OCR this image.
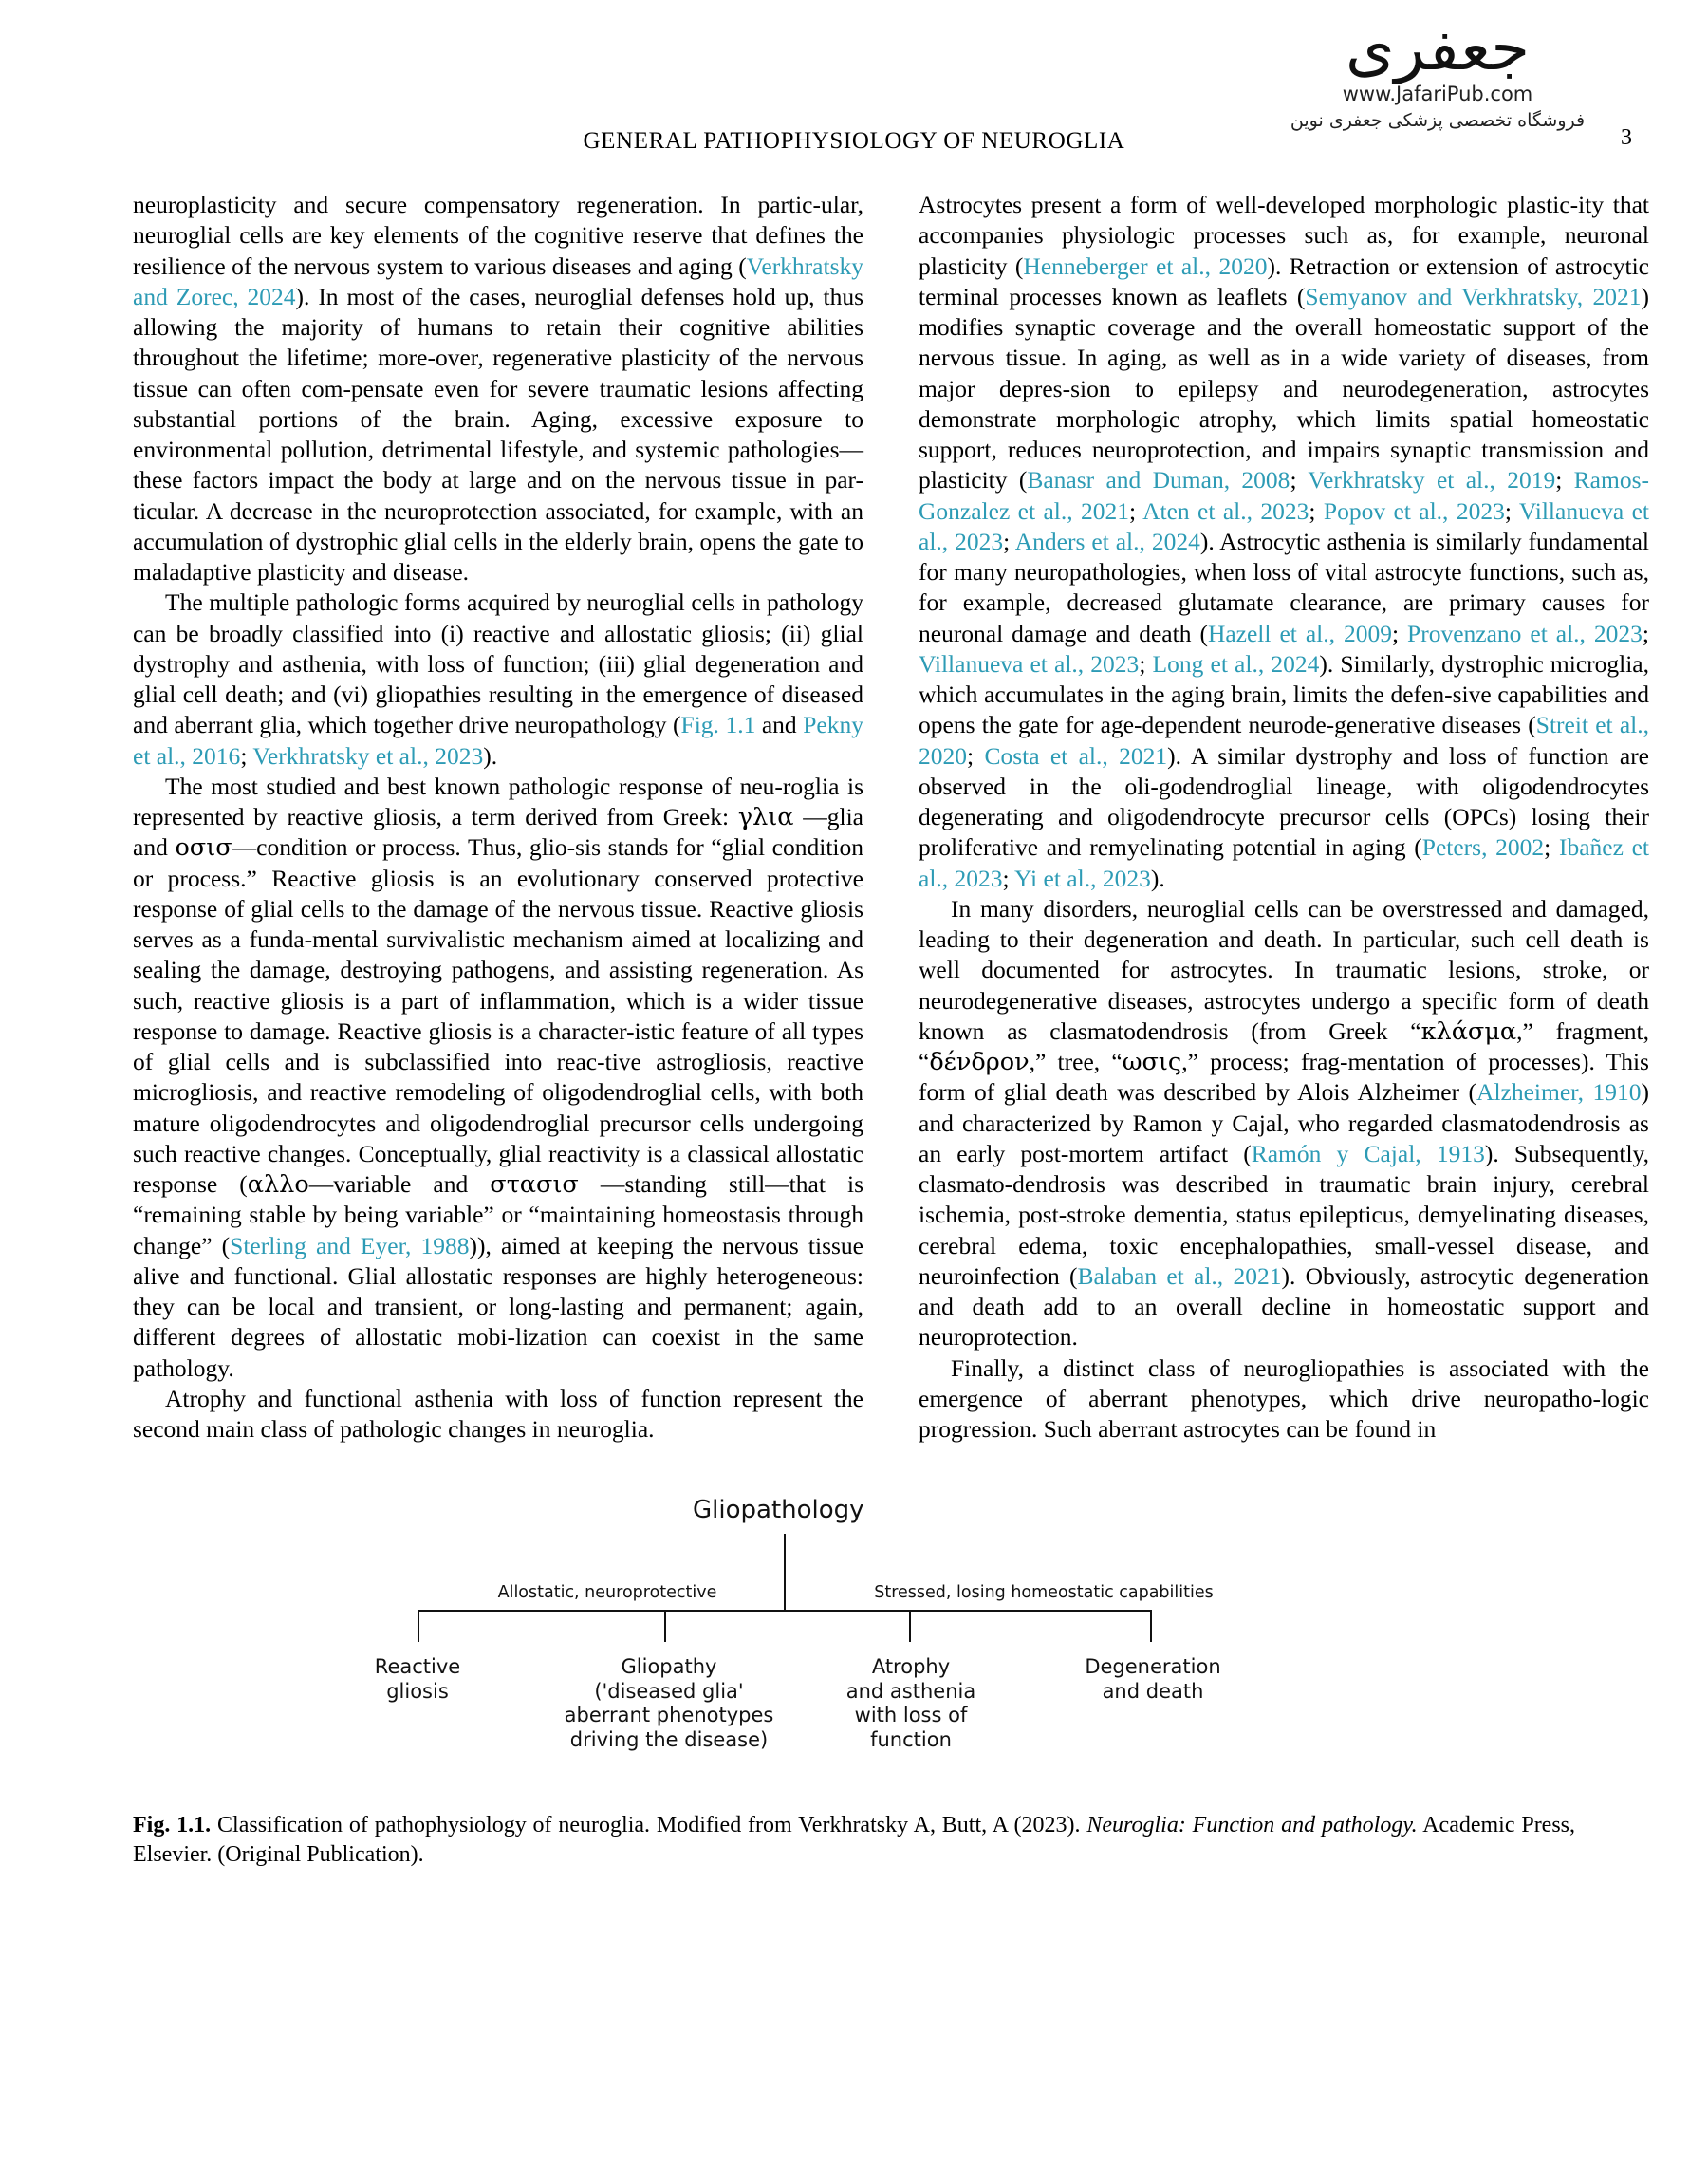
GENERAL PATHOPHYSIOLOGY OF NEUROGLIA	3
جعفری
www.JafariPub.com
فروشگاه تخصصی پزشکی جعفری نوین

neuroplasticity and secure compensatory regeneration. In partic-ular, neuroglial cells are key elements of the cognitive reserve that defines the resilience of the nervous system to various diseases and aging (Verkhratsky and Zorec, 2024). In most of the cases, neuroglial defenses hold up, thus allowing the majority of humans to retain their cognitive abilities throughout the lifetime; more-over, regenerative plasticity of the nervous tissue can often com-pensate even for severe traumatic lesions affecting substantial portions of the brain. Aging, excessive exposure to environmental pollution, detrimental lifestyle, and systemic pathologies—these factors impact the body at large and on the nervous tissue in par-ticular. A decrease in the neuroprotection associated, for example, with an accumulation of dystrophic glial cells in the elderly brain, opens the gate to maladaptive plasticity and disease.

The multiple pathologic forms acquired by neuroglial cells in pathology can be broadly classified into (i) reactive and allostatic gliosis; (ii) glial dystrophy and asthenia, with loss of function; (iii) glial degeneration and glial cell death; and (vi) gliopathies resulting in the emergence of diseased and aberrant glia, which together drive neuropathology (Fig. 1.1 and Pekny et al., 2016; Verkhratsky et al., 2023).

The most studied and best known pathologic response of neu-roglia is represented by reactive gliosis, a term derived from Greek: γλια —glia and οσισ—condition or process. Thus, glio-sis stands for “glial condition or process.” Reactive gliosis is an evolutionary conserved protective response of glial cells to the damage of the nervous tissue. Reactive gliosis serves as a funda-mental survivalistic mechanism aimed at localizing and sealing the damage, destroying pathogens, and assisting regeneration. As such, reactive gliosis is a part of inflammation, which is a wider tissue response to damage. Reactive gliosis is a character-istic feature of all types of glial cells and is subclassified into reac-tive astrogliosis, reactive microgliosis, and reactive remodeling of oligodendroglial cells, with both mature oligodendrocytes and oligodendroglial precursor cells undergoing such reactive changes. Conceptually, glial reactivity is a classical allostatic response (αλλο—variable and στασισ —standing still—that is “remaining stable by being variable” or “maintaining homeostasis through change” (Sterling and Eyer, 1988)), aimed at keeping the nervous tissue alive and functional. Glial allostatic responses are highly heterogeneous: they can be local and transient, or long-lasting and permanent; again, different degrees of allostatic mobi-lization can coexist in the same pathology.

Atrophy and functional asthenia with loss of function represent the second main class of pathologic changes in neuroglia.

Astrocytes present a form of well-developed morphologic plastic-ity that accompanies physiologic processes such as, for example, neuronal plasticity (Henneberger et al., 2020). Retraction or extension of astrocytic terminal processes known as leaflets (Semyanov and Verkhratsky, 2021) modifies synaptic coverage and the overall homeostatic support of the nervous tissue. In aging, as well as in a wide variety of diseases, from major depres-sion to epilepsy and neurodegeneration, astrocytes demonstrate morphologic atrophy, which limits spatial homeostatic support, reduces neuroprotection, and impairs synaptic transmission and plasticity (Banasr and Duman, 2008; Verkhratsky et al., 2019; Ramos-Gonzalez et al., 2021; Aten et al., 2023; Popov et al., 2023; Villanueva et al., 2023; Anders et al., 2024). Astrocytic asthenia is similarly fundamental for many neuropathologies, when loss of vital astrocyte functions, such as, for example, decreased glutamate clearance, are primary causes for neuronal damage and death (Hazell et al., 2009; Provenzano et al., 2023; Villanueva et al., 2023; Long et al., 2024). Similarly, dystrophic microglia, which accumulates in the aging brain, limits the defen-sive capabilities and opens the gate for age-dependent neurode-generative diseases (Streit et al., 2020; Costa et al., 2021). A similar dystrophy and loss of function are observed in the oli-godendroglial lineage, with oligodendrocytes degenerating and oligodendrocyte precursor cells (OPCs) losing their proliferative and remyelinating potential in aging (Peters, 2002; Ibañez et al., 2023; Yi et al., 2023).

In many disorders, neuroglial cells can be overstressed and damaged, leading to their degeneration and death. In particular, such cell death is well documented for astrocytes. In traumatic lesions, stroke, or neurodegenerative diseases, astrocytes undergo a specific form of death known as clasmatodendrosis (from Greek “κλάσμα,” fragment, “δένδρον,” tree, “ωσις,” process; frag-mentation of processes). This form of glial death was described by Alois Alzheimer (Alzheimer, 1910) and characterized by Ramon y Cajal, who regarded clasmatodendrosis as an early post-mortem artifact (Ramón y Cajal, 1913). Subsequently, clasmato-dendrosis was described in traumatic brain injury, cerebral ischemia, post-stroke dementia, status epilepticus, demyelinating diseases, cerebral edema, toxic encephalopathies, small-vessel disease, and neuroinfection (Balaban et al., 2021). Obviously, astrocytic degeneration and death add to an overall decline in homeostatic support and neuroprotection.

Finally, a distinct class of neurogliopathies is associated with the emergence of aberrant phenotypes, which drive neuropatho-logic progression. Such aberrant astrocytes can be found in

Gliopathology
Allostatic, neuroprotective	Stressed, losing homeostatic capabilities
Reactive
gliosis
Gliopathy
('diseased glia'
aberrant phenotypes
driving the disease)
Atrophy
and asthenia
with loss of
function
Degeneration
and death
Fig. 1.1. Classification of pathophysiology of neuroglia. Modified from Verkhratsky A, Butt, A (2023). Neuroglia: Function and pathology. Academic Press, Elsevier. (Original Publication).
